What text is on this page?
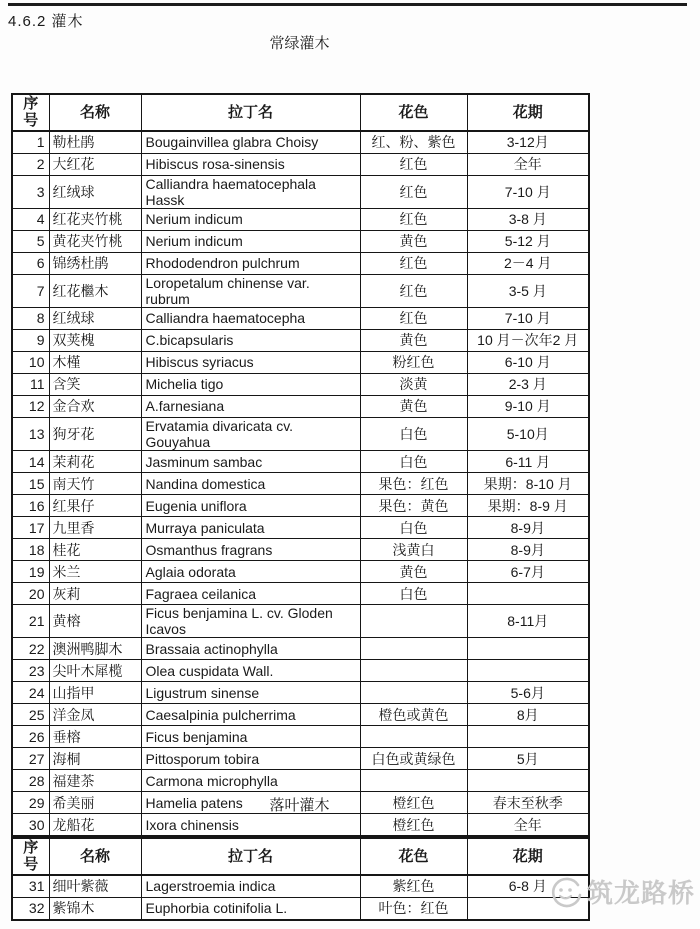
4.6.2 灌木
常绿灌木
序号	名称	拉丁名	花色	花期
1	勒杜鹃	Bougainvillea glabra Choisy	红、粉、紫色	3-12月
2	大红花	Hibiscus rosa-sinensis	红色	全年
3	红绒球	Calliandra haematocephala Hassk	红色	7-10 月
4	红花夹竹桃	Nerium indicum	红色	3-8 月
5	黄花夹竹桃	Nerium indicum	黄色	5-12 月
6	锦绣杜鹃	Rhododendron pulchrum	红色	2－4 月
7	红花檵木	Loropetalum chinense var. rubrum	红色	3-5 月
8	红绒球	Calliandra haematocepha	红色	7-10 月
9	双荚槐	C.bicapsularis	黄色	10 月－次年2 月
10	木槿	Hibiscus syriacus	粉红色	6-10 月
11	含笑	Michelia tigo	淡黄	2-3 月
12	金合欢	A.farnesiana	黄色	9-10 月
13	狗牙花	Ervatamia divaricata cv. Gouyahua	白色	5-10月
14	茉莉花	Jasminum sambac	白色	6-11 月
15	南天竹	Nandina domestica	果色：红色	果期：8-10 月
16	红果仔	Eugenia uniflora	果色：黄色	果期：8-9 月
17	九里香	Murraya paniculata	白色	8-9月
18	桂花	Osmanthus fragrans	浅黄白	8-9月
19	米兰	Aglaia odorata	黄色	6-7月
20	灰莉	Fagraea ceilanica	白色	
21	黄榕	Ficus benjamina L. cv. Gloden Icavos		8-11月
22	澳洲鸭脚木	Brassaia actinophylla		
23	尖叶木犀榄	Olea cuspidata Wall.		
24	山指甲	Ligustrum sinense		5-6月
25	洋金凤	Caesalpinia pulcherrima	橙色或黄色	8月
26	垂榕	Ficus benjamina		
27	海桐	Pittosporum tobira	白色或黄绿色	5月
28	福建茶	Carmona microphylla		
29	希美丽	Hamelia patens	橙红色	春末至秋季
30	龙船花	Ixora chinensis	橙红色	全年
落叶灌木
序号	名称	拉丁名	花色	花期
31	细叶紫薇	Lagerstroemia indica	紫红色	6-8 月
32	紫锦木	Euphorbia cotinifolia L.	叶色：红色		筑龙路桥
